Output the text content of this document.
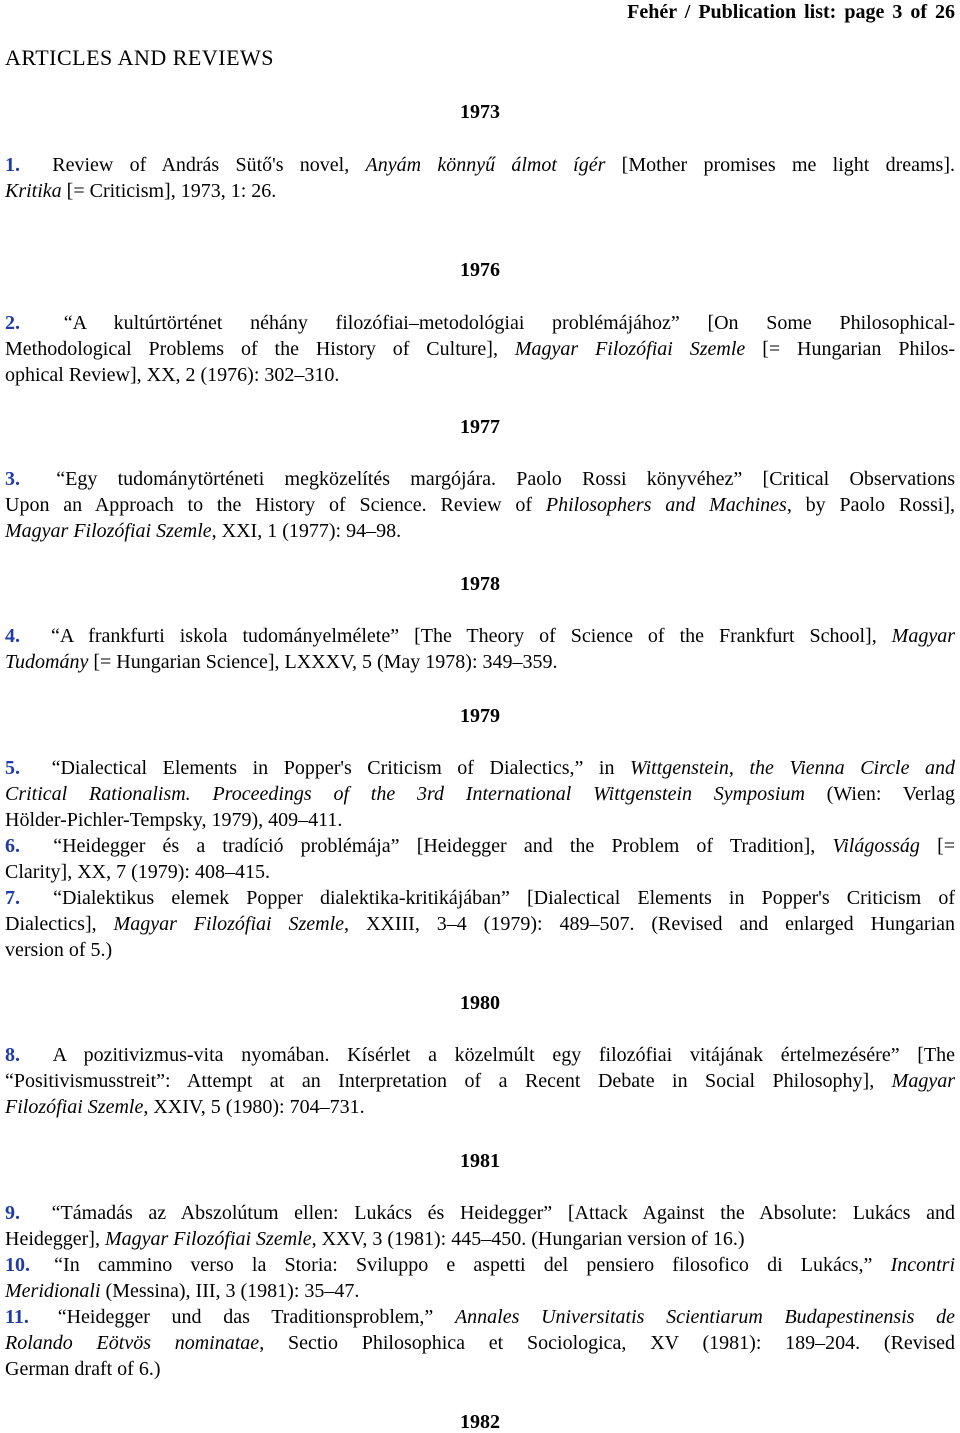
Fehér / Publication list: page 3 of 26
ARTICLES AND REVIEWS
1973
1. Review of András Sütő's novel, Anyám könnyű álmot ígér [Mother promises me light dreams].
Kritika [= Criticism], 1973, 1: 26.
1976
2. “A kultúrtörténet néhány filozófiai–metodológiai problémájához” [On Some Philosophical-
Methodological Problems of the History of Culture], Magyar Filozófiai Szemle [= Hungarian Philos-
ophical Review], XX, 2 (1976): 302–310.
1977
3. “Egy tudománytörténeti megközelítés margójára. Paolo Rossi könyvéhez” [Critical Observations
Upon an Approach to the History of Science. Review of Philosophers and Machines, by Paolo Rossi],
Magyar Filozófiai Szemle, XXI, 1 (1977): 94–98.
1978
4. “A frankfurti iskola tudományelmélete” [The Theory of Science of the Frankfurt School], Magyar
Tudomány [= Hungarian Science], LXXXV, 5 (May 1978): 349–359.
1979
5. “Dialectical Elements in Popper's Criticism of Dialectics,” in Wittgenstein, the Vienna Circle and
Critical Rationalism. Proceedings of the 3rd International Wittgenstein Symposium (Wien: Verlag
Hölder-Pichler-Tempsky, 1979), 409–411.
6. “Heidegger és a tradíció problémája” [Heidegger and the Problem of Tradition], Világosság [=
Clarity], XX, 7 (1979): 408–415.
7. “Dialektikus elemek Popper dialektika-kritikájában” [Dialectical Elements in Popper's Criticism of
Dialectics], Magyar Filozófiai Szemle, XXIII, 3–4 (1979): 489–507. (Revised and enlarged Hungarian
version of 5.)
1980
8. A pozitivizmus-vita nyomában. Kísérlet a közelmúlt egy filozófiai vitájának értelmezésére” [The
“Positivismusstreit”: Attempt at an Interpretation of a Recent Debate in Social Philosophy], Magyar
Filozófiai Szemle, XXIV, 5 (1980): 704–731.
1981
9. “Támadás az Abszolútum ellen: Lukács és Heidegger” [Attack Against the Absolute: Lukács and
Heidegger], Magyar Filozófiai Szemle, XXV, 3 (1981): 445–450. (Hungarian version of 16.)
10. “In cammino verso la Storia: Sviluppo e aspetti del pensiero filosofico di Lukács,” Incontri
Meridionali (Messina), III, 3 (1981): 35–47.
11. “Heidegger und das Traditionsproblem,” Annales Universitatis Scientiarum Budapestinensis de
Rolando Eötvös nominatae, Sectio Philosophica et Sociologica, XV (1981): 189–204. (Revised
German draft of 6.)
1982
